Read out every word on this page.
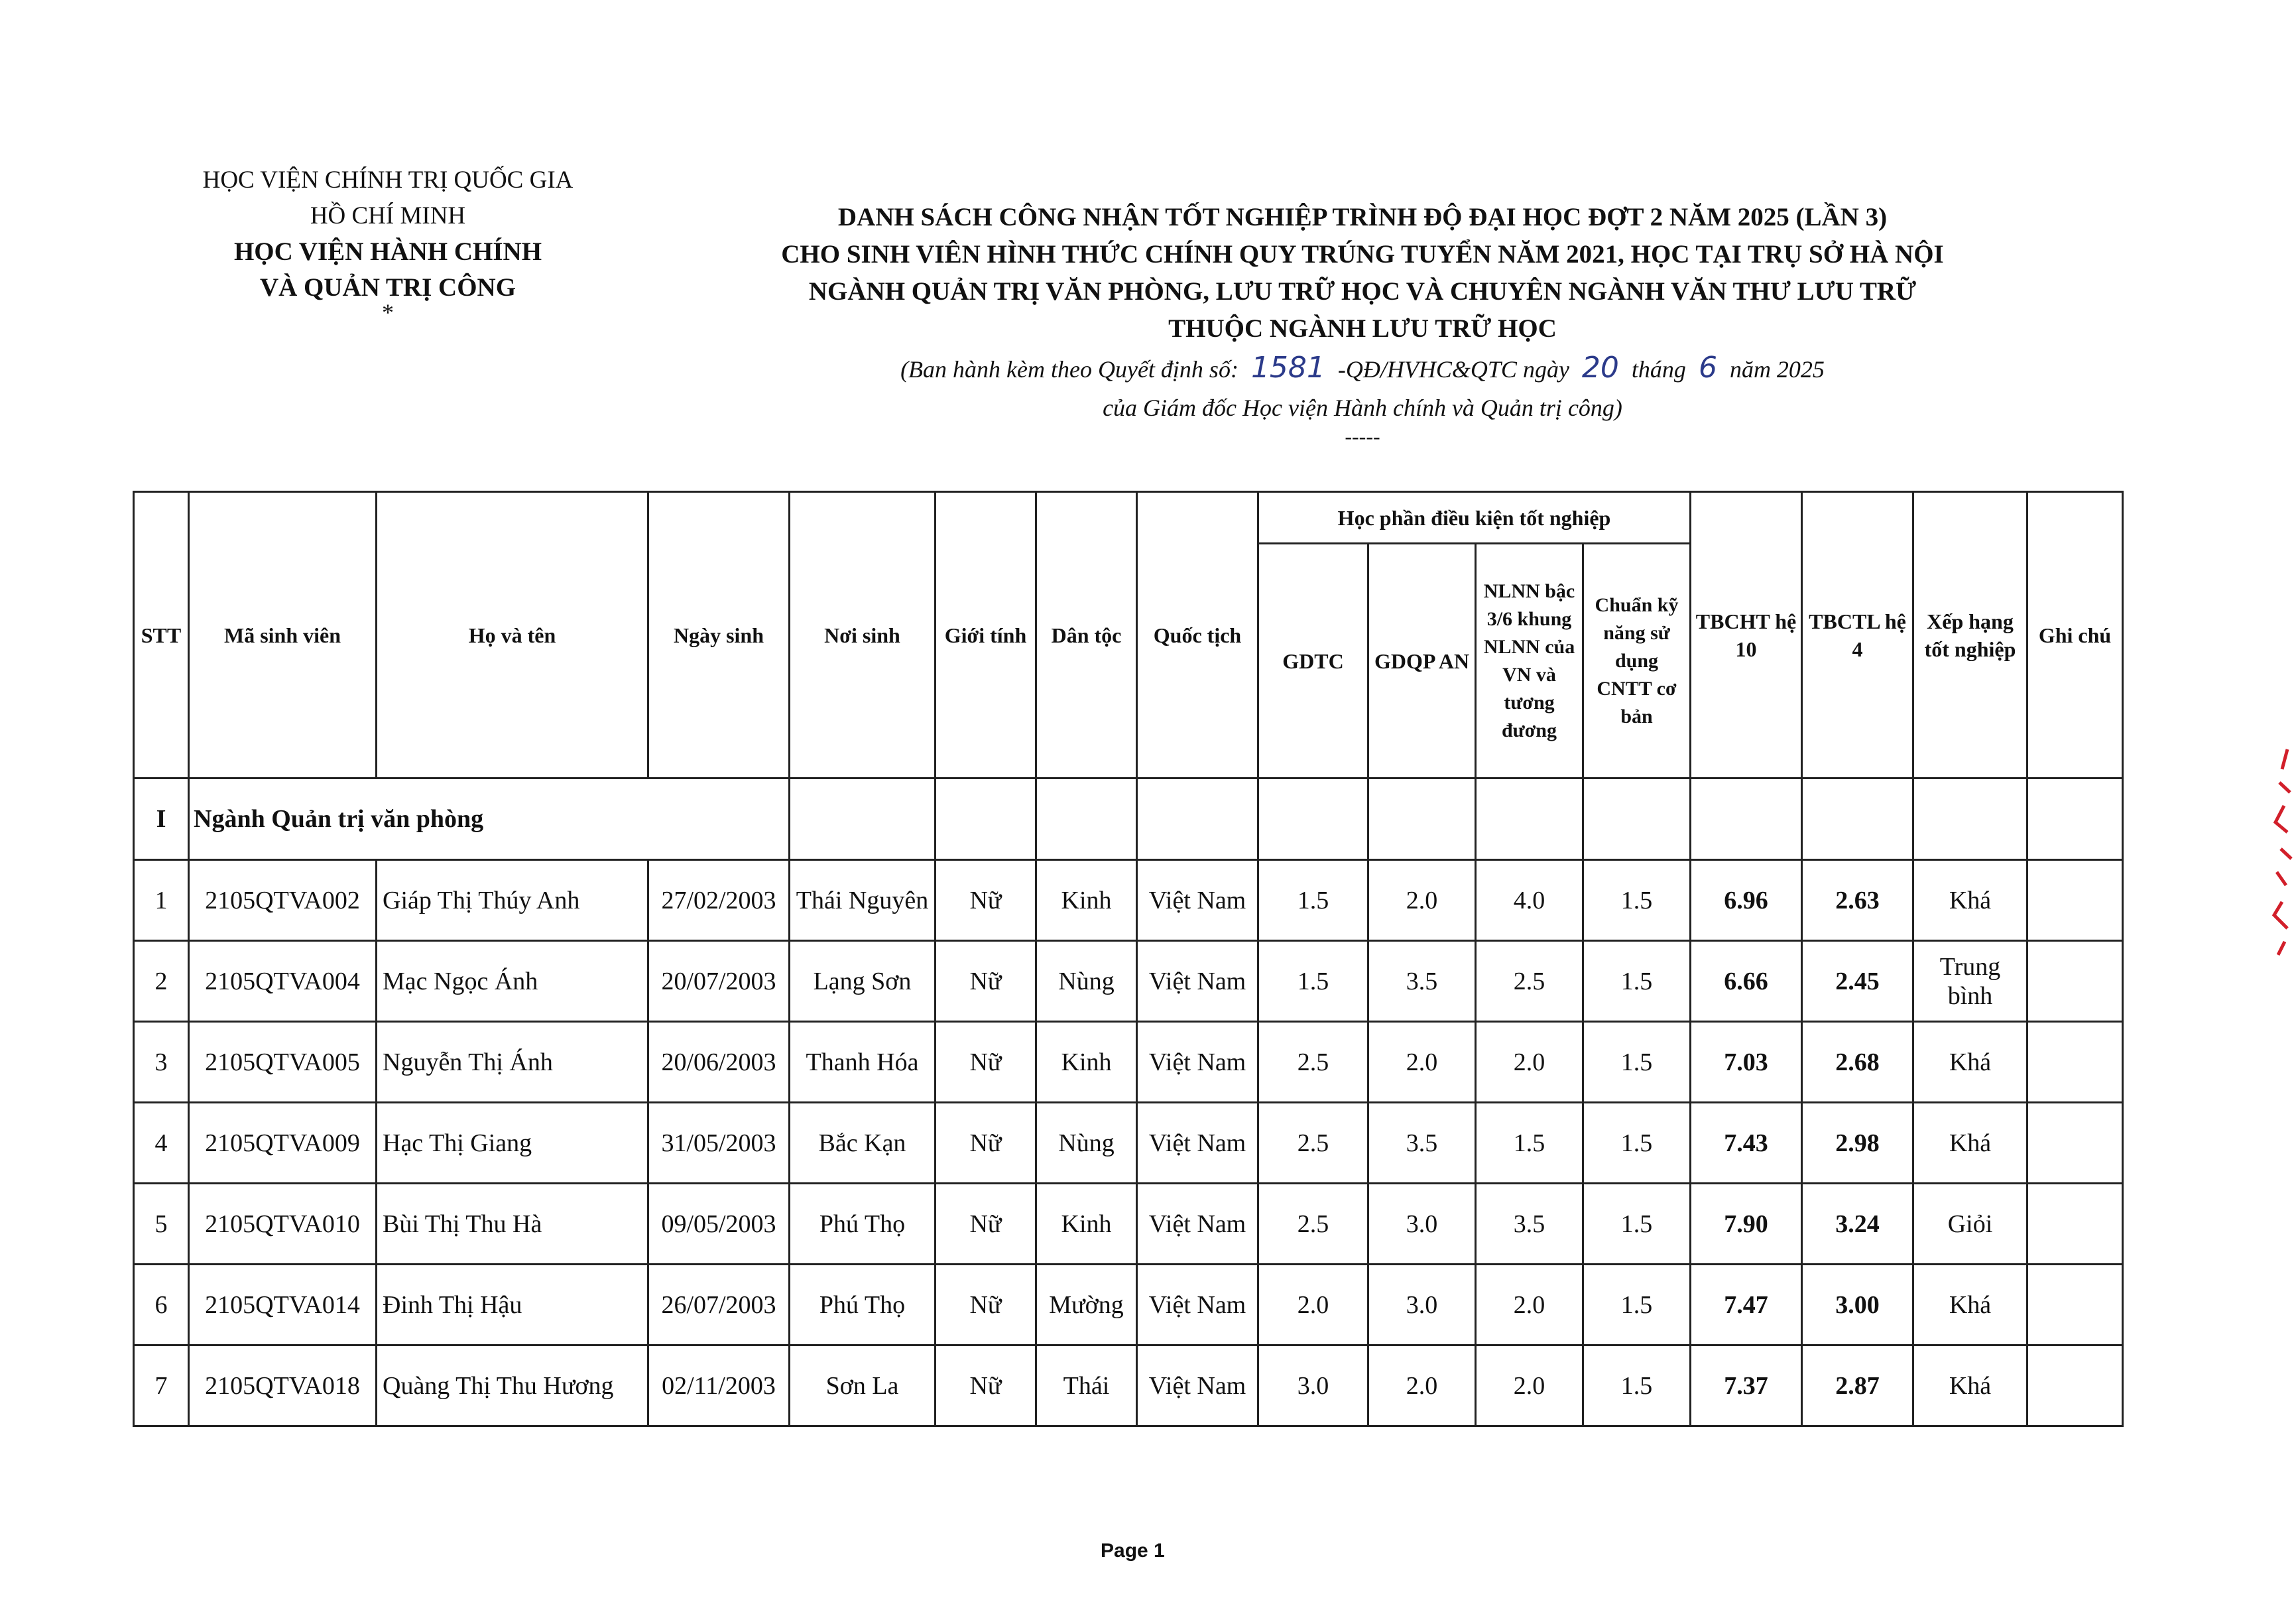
HỌC VIỆN CHÍNH TRỊ QUỐC GIA
HỒ CHÍ MINH
HỌC VIỆN HÀNH CHÍNH
VÀ QUẢN TRỊ CÔNG
*
DANH SÁCH CÔNG NHẬN TỐT NGHIỆP TRÌNH ĐỘ ĐẠI HỌC ĐỢT 2 NĂM 2025 (LẦN 3)
CHO SINH VIÊN HÌNH THỨC CHÍNH QUY TRÚNG TUYỂN NĂM 2021, HỌC TẠI TRỤ SỞ HÀ NỘI
NGÀNH QUẢN TRỊ VĂN PHÒNG, LƯU TRỮ HỌC VÀ CHUYÊN NGÀNH VĂN THƯ LƯU TRỮ
THUỘC NGÀNH LƯU TRỮ HỌC
(Ban hành kèm theo Quyết định số: 1581 -QĐ/HVHC&QTC ngày 20 tháng 6 năm 2025
của Giám đốc Học viện Hành chính và Quản trị công)
-----
STT	Mã sinh viên	Họ và tên	Ngày sinh	Nơi sinh	Giới tính	Dân tộc	Quốc tịch	Học phần điều kiện tốt nghiệp				TBCHT hệ 10	TBCTL hệ 4	Xếp hạng tốt nghiệp	Ghi chú
								GDTC	GDQP AN	NLNN bậc 3/6 khung NLNN của VN và tương đương	Chuẩn kỹ năng sử dụng CNTT cơ bản				
I	Ngành Quản trị văn phòng														
1	2105QTVA002	Giáp Thị Thúy Anh	27/02/2003	Thái Nguyên	Nữ	Kinh	Việt Nam	1.5	2.0	4.0	1.5	6.96	2.63	Khá	
2	2105QTVA004	Mạc Ngọc Ánh	20/07/2003	Lạng Sơn	Nữ	Nùng	Việt Nam	1.5	3.5	2.5	1.5	6.66	2.45	Trung bình	
3	2105QTVA005	Nguyễn Thị Ánh	20/06/2003	Thanh Hóa	Nữ	Kinh	Việt Nam	2.5	2.0	2.0	1.5	7.03	2.68	Khá	
4	2105QTVA009	Hạc Thị Giang	31/05/2003	Bắc Kạn	Nữ	Nùng	Việt Nam	2.5	3.5	1.5	1.5	7.43	2.98	Khá	
5	2105QTVA010	Bùi Thị Thu Hà	09/05/2003	Phú Thọ	Nữ	Kinh	Việt Nam	2.5	3.0	3.5	1.5	7.90	3.24	Giỏi	
6	2105QTVA014	Đinh Thị Hậu	26/07/2003	Phú Thọ	Nữ	Mường	Việt Nam	2.0	3.0	2.0	1.5	7.47	3.00	Khá	
7	2105QTVA018	Quàng Thị Thu Hương	02/11/2003	Sơn La	Nữ	Thái	Việt Nam	3.0	2.0	2.0	1.5	7.37	2.87	Khá	
Page 1
